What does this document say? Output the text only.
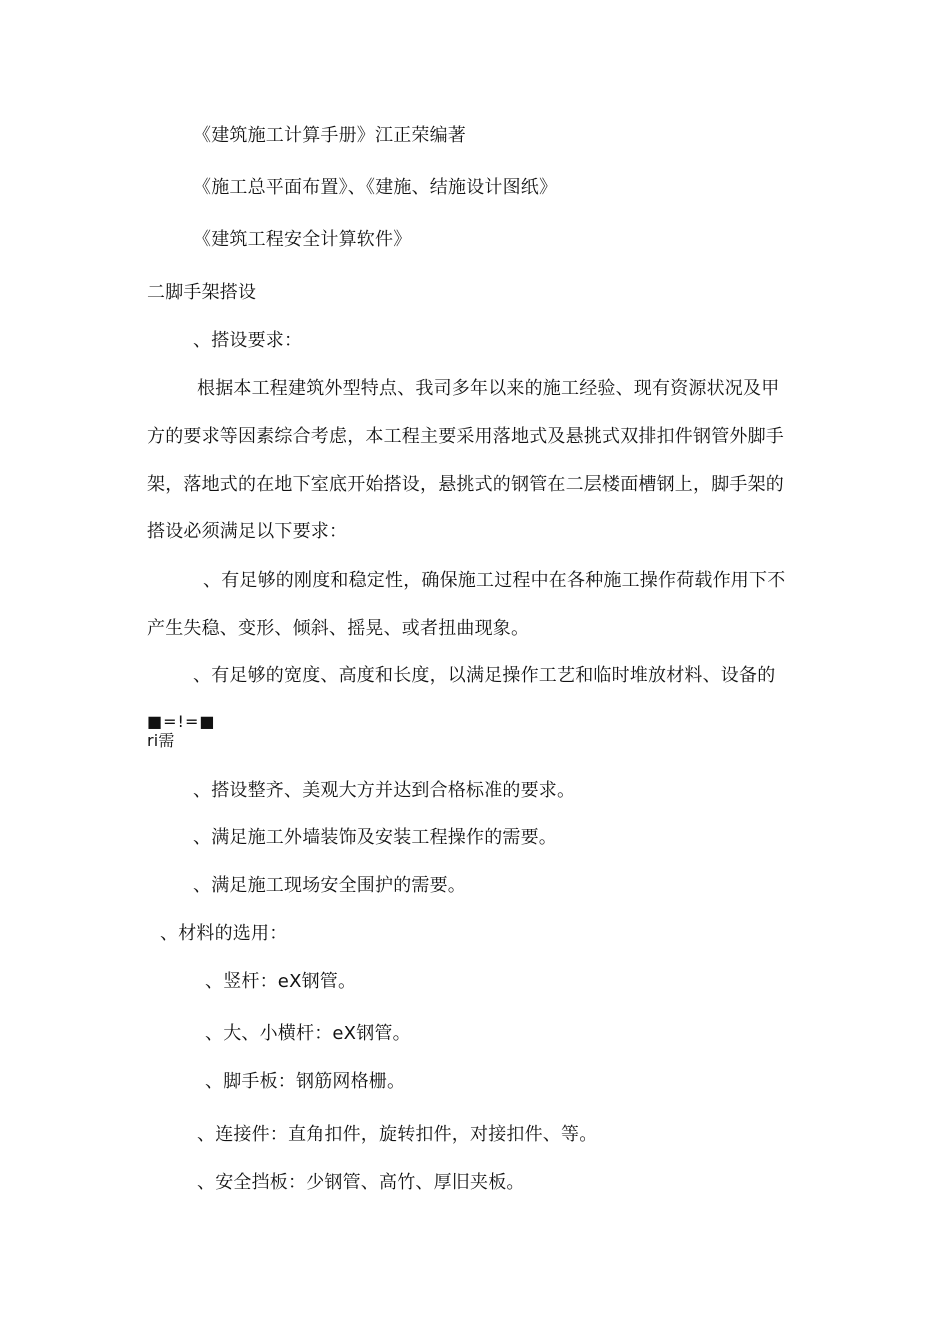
《建筑施工计算手册》江正荣编著
《施工总平面布置》、《建施、结施设计图纸》
《建筑工程安全计算软件》
二脚手架搭设
、搭设要求：
根据本工程建筑外型特点、我司多年以来的施工经验、现有资源状况及甲
方的要求等因素综合考虑，本工程主要采用落地式及悬挑式双排扣件钢管外脚手
架，落地式的在地下室底开始搭设，悬挑式的钢管在二层楼面槽钢上，脚手架的
搭设必须满足以下要求：
、有足够的刚度和稳定性，确保施工过程中在各种施工操作荷载作用下不
产生失稳、变形、倾斜、摇晃、或者扭曲现象。
、有足够的宽度、高度和长度，以满足操作工艺和临时堆放材料、设备的
■=!=■
ri需
、搭设整齐、美观大方并达到合格标准的要求。
、满足施工外墙装饰及安装工程操作的需要。
、满足施工现场安全围护的需要。
、材料的选用：
、竖杆：eX钢管。
、大、小横杆：eX钢管。
、脚手板：钢筋网格栅。
、连接件：直角扣件，旋转扣件，对接扣件、等。
、安全挡板：少钢管、高竹、厚旧夹板。
